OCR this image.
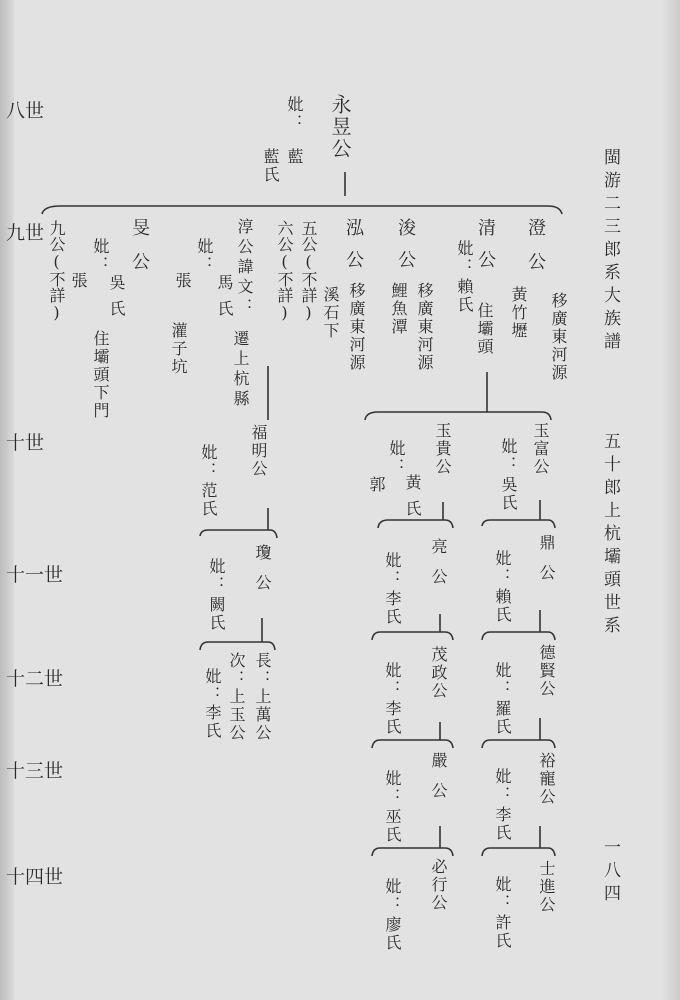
閩游二三郎系大族譜
五十郎上杭壩頭世系
一八四
八世
九世
十世
十一世
十二世
十三世
十四世
永昱公
妣：
藍
藍氏
澄公
移廣東河源
黃竹壢
清公
妣：
賴氏
住壩頭
浚公
移廣東河源
鯉魚潭
泓公
移廣東河源
五公(不詳) 溪石下
六公(不詳)
淳公諱文：
妣：
馬氏
張
遷上杭縣
灌子坑
旻公
妣：
吳氏
張
住壩頭下門
九公(不詳)
玉富公
妣：
吳氏
玉貴公
妣：
黃氏
郭
福明公
妣：
范氏
鼎公
妣：
賴氏
亮公
妣：
李氏
瓊公
妣：
闕氏
德賢公
妣：
羅氏
茂政公
妣：
李氏
長：上萬公
次：上玉公
妣：李氏
裕寵公
妣：
李氏
嚴公
妣：
巫氏
士進公
妣：
許氏
必行公
妣：
廖氏
